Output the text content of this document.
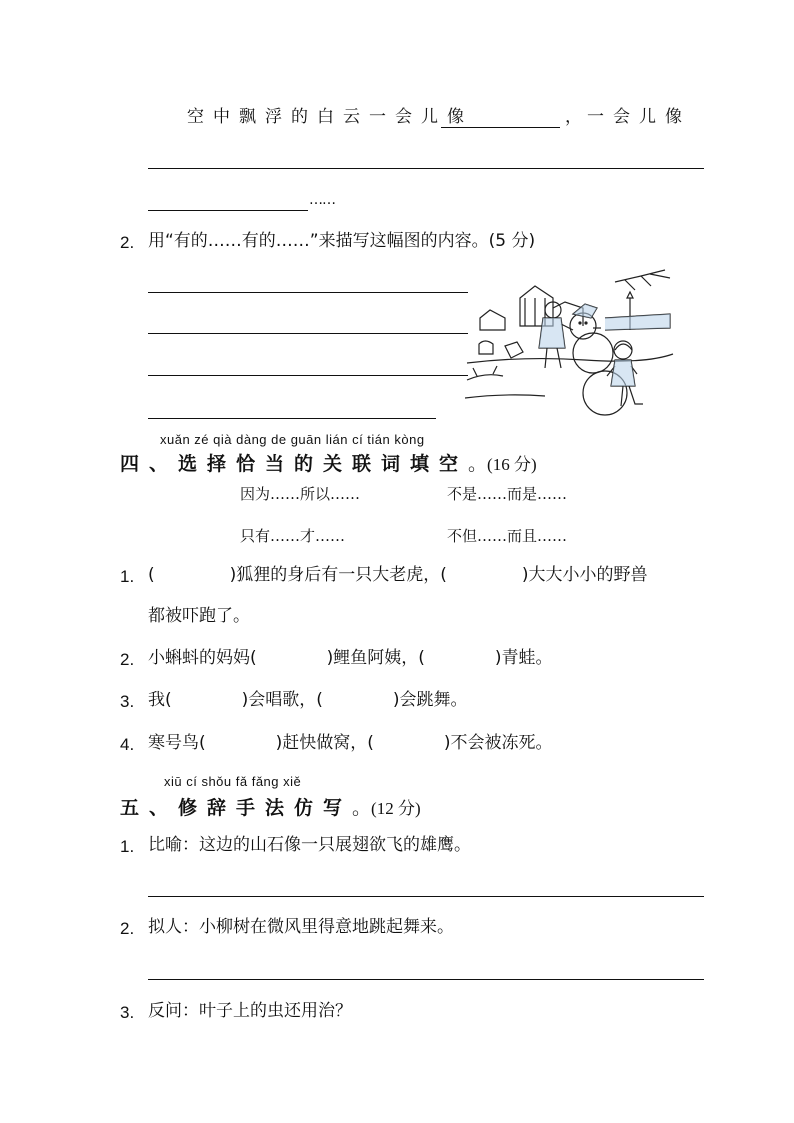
空中飘浮的白云一会儿像	， 一会儿像
……
2. 用“有的……有的……”来描写这幅图的内容。(5 分)
xuǎn zé qià dàng de guān lián cí tián kòng
四、选择恰当的关联词填空。(16 分)
因为……所以……	不是……而是……
只有……才……	不但……而且……
1. (	)狐狸的身后有一只大老虎，(	)大大小小的野兽
都被吓跑了。
2. 小蝌蚪的妈妈(	)鲤鱼阿姨，(	)青蛙。
3. 我(	)会唱歌，(	)会跳舞。
4. 寒号鸟(	)赶快做窝，(	)不会被冻死。
xiū cí shǒu fǎ fǎng xiě
五、修辞手法仿写。(12 分)
1. 比喻：这边的山石像一只展翅欲飞的雄鹰。
2. 拟人：小柳树在微风里得意地跳起舞来。
3. 反问：叶子上的虫还用治？
